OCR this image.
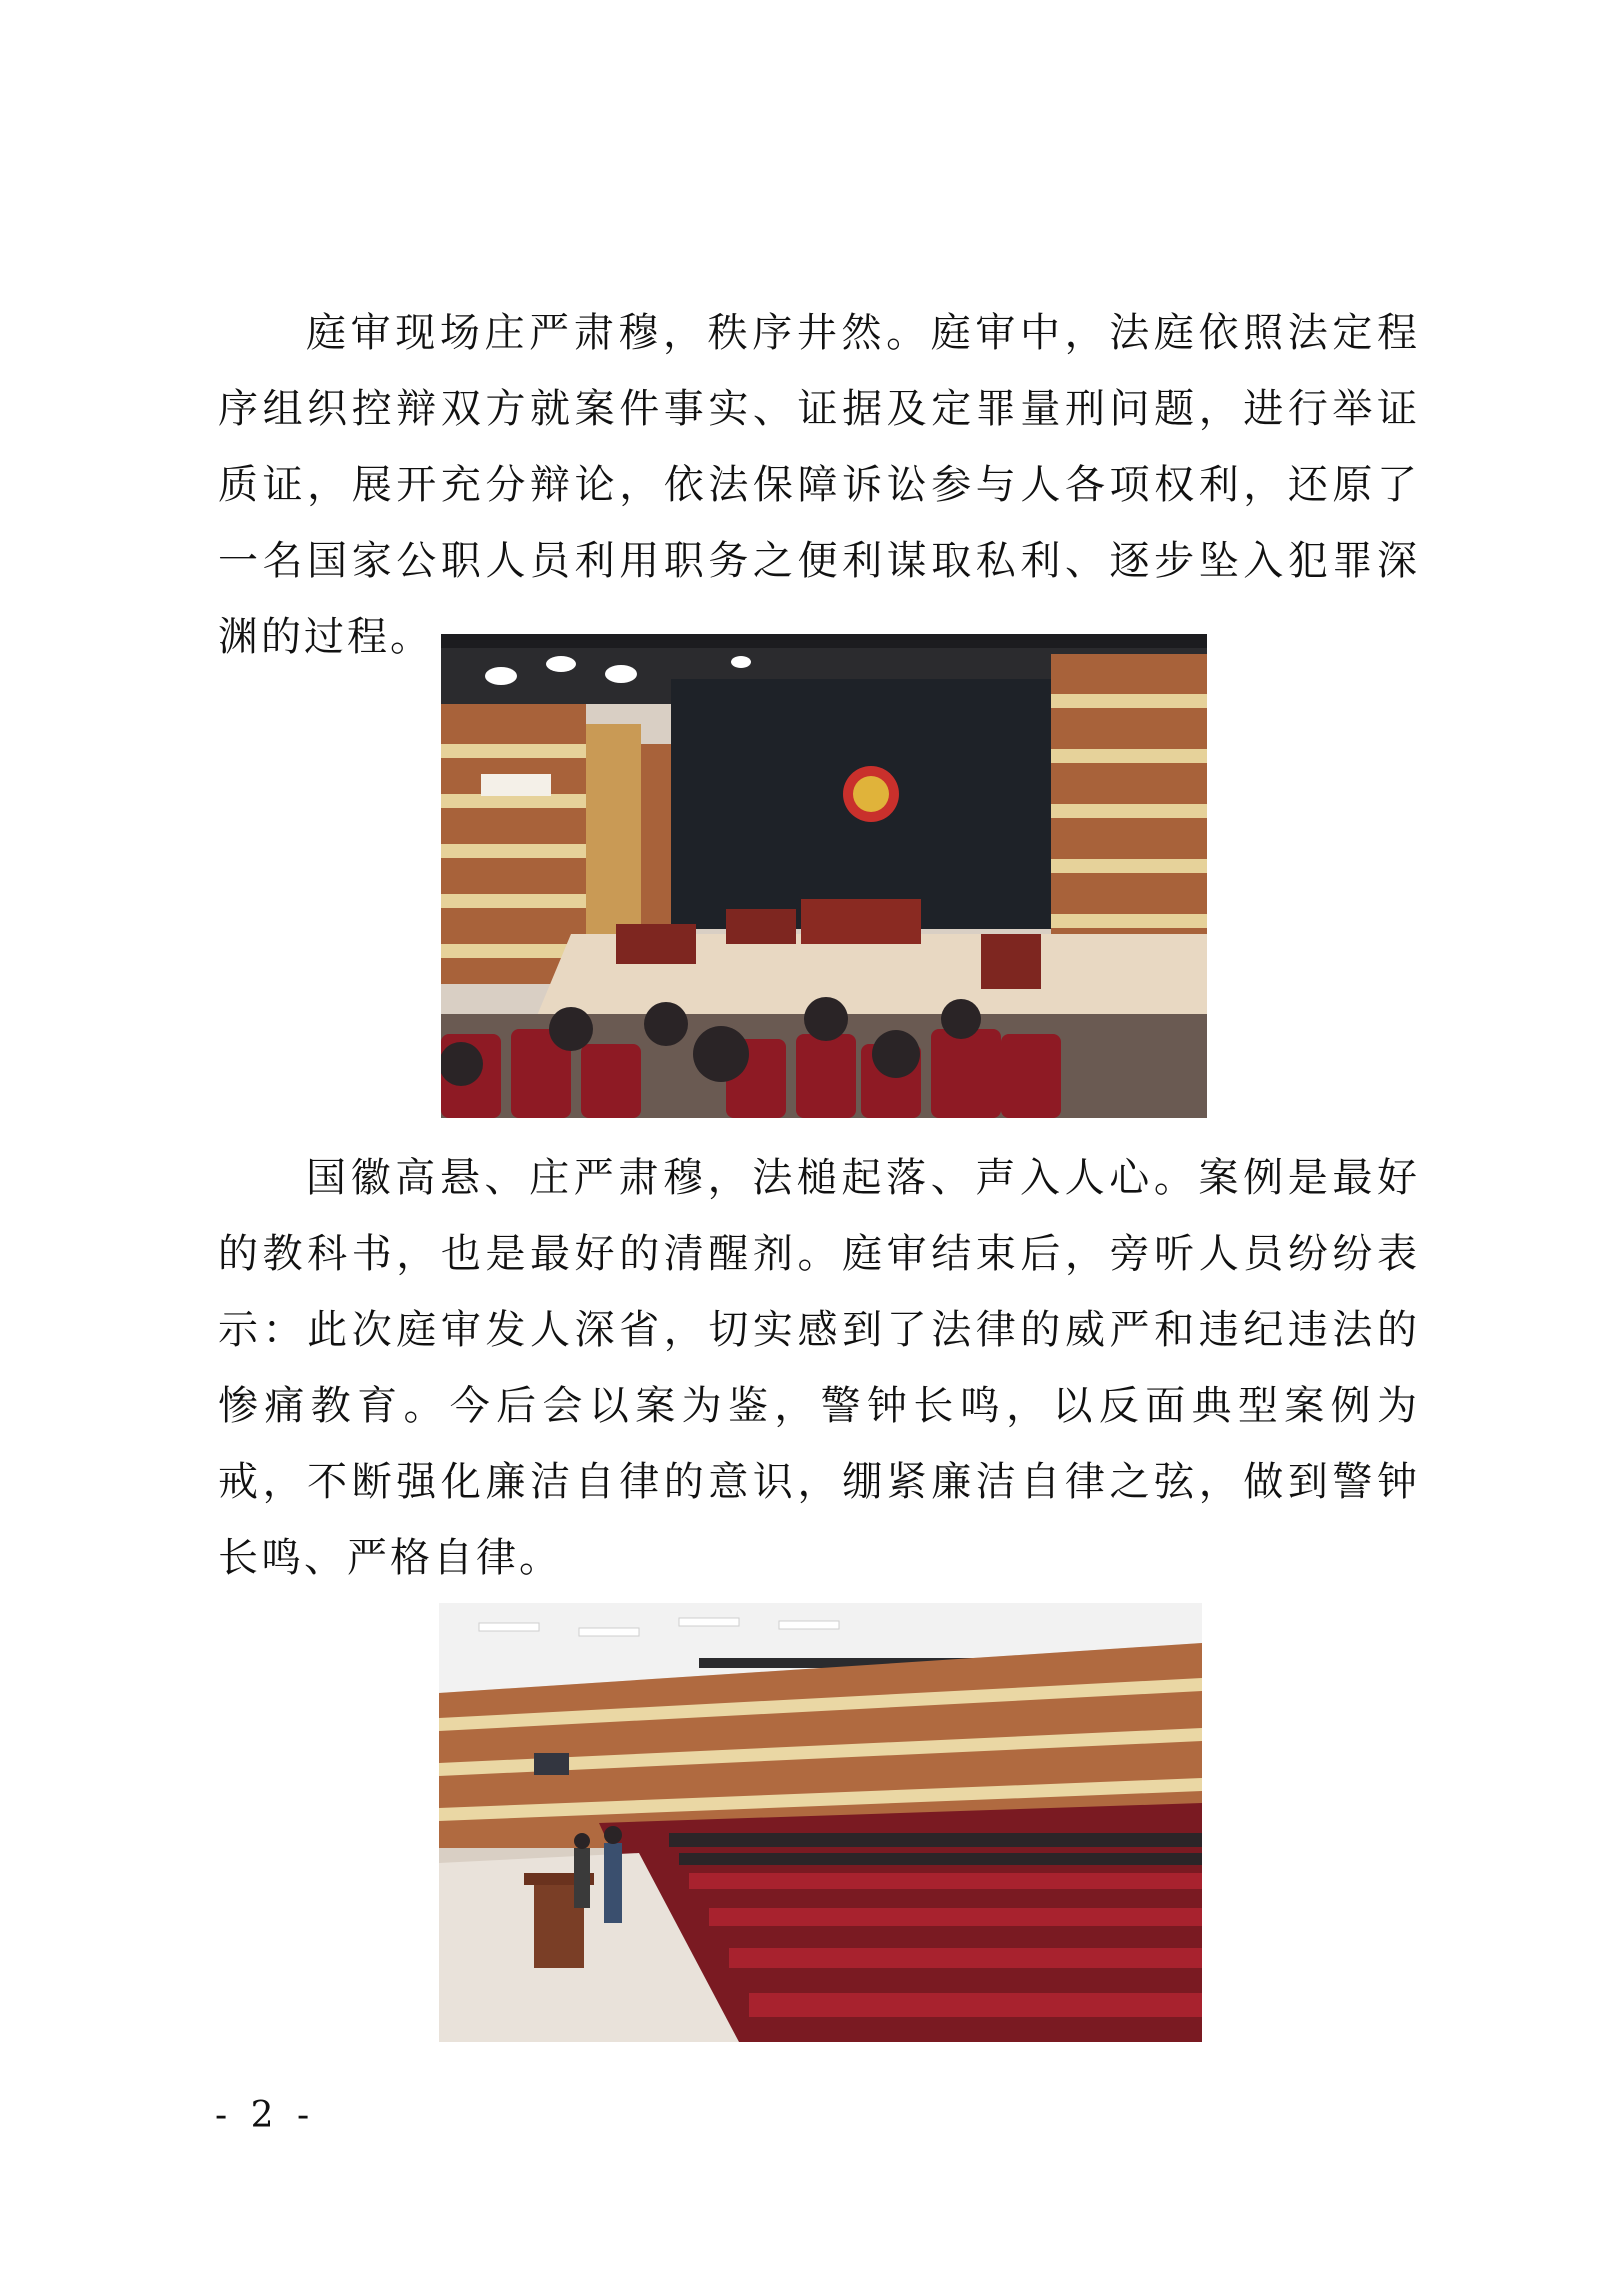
庭审现场庄严肃穆，秩序井然。庭审中，法庭依照法定程序组织控辩双方就案件事实、证据及定罪量刑问题，进行举证质证，展开充分辩论，依法保障诉讼参与人各项权利，还原了一名国家公职人员利用职务之便利谋取私利、逐步坠入犯罪深渊的过程。

国徽高悬、庄严肃穆，法槌起落、声入人心。案例是最好的教科书，也是最好的清醒剂。庭审结束后，旁听人员纷纷表示：此次庭审发人深省，切实感到了法律的威严和违纪违法的惨痛教育。今后会以案为鉴，警钟长鸣，以反面典型案例为戒，不断强化廉洁自律的意识，绷紧廉洁自律之弦，做到警钟长鸣、严格自律。

- 2 -
